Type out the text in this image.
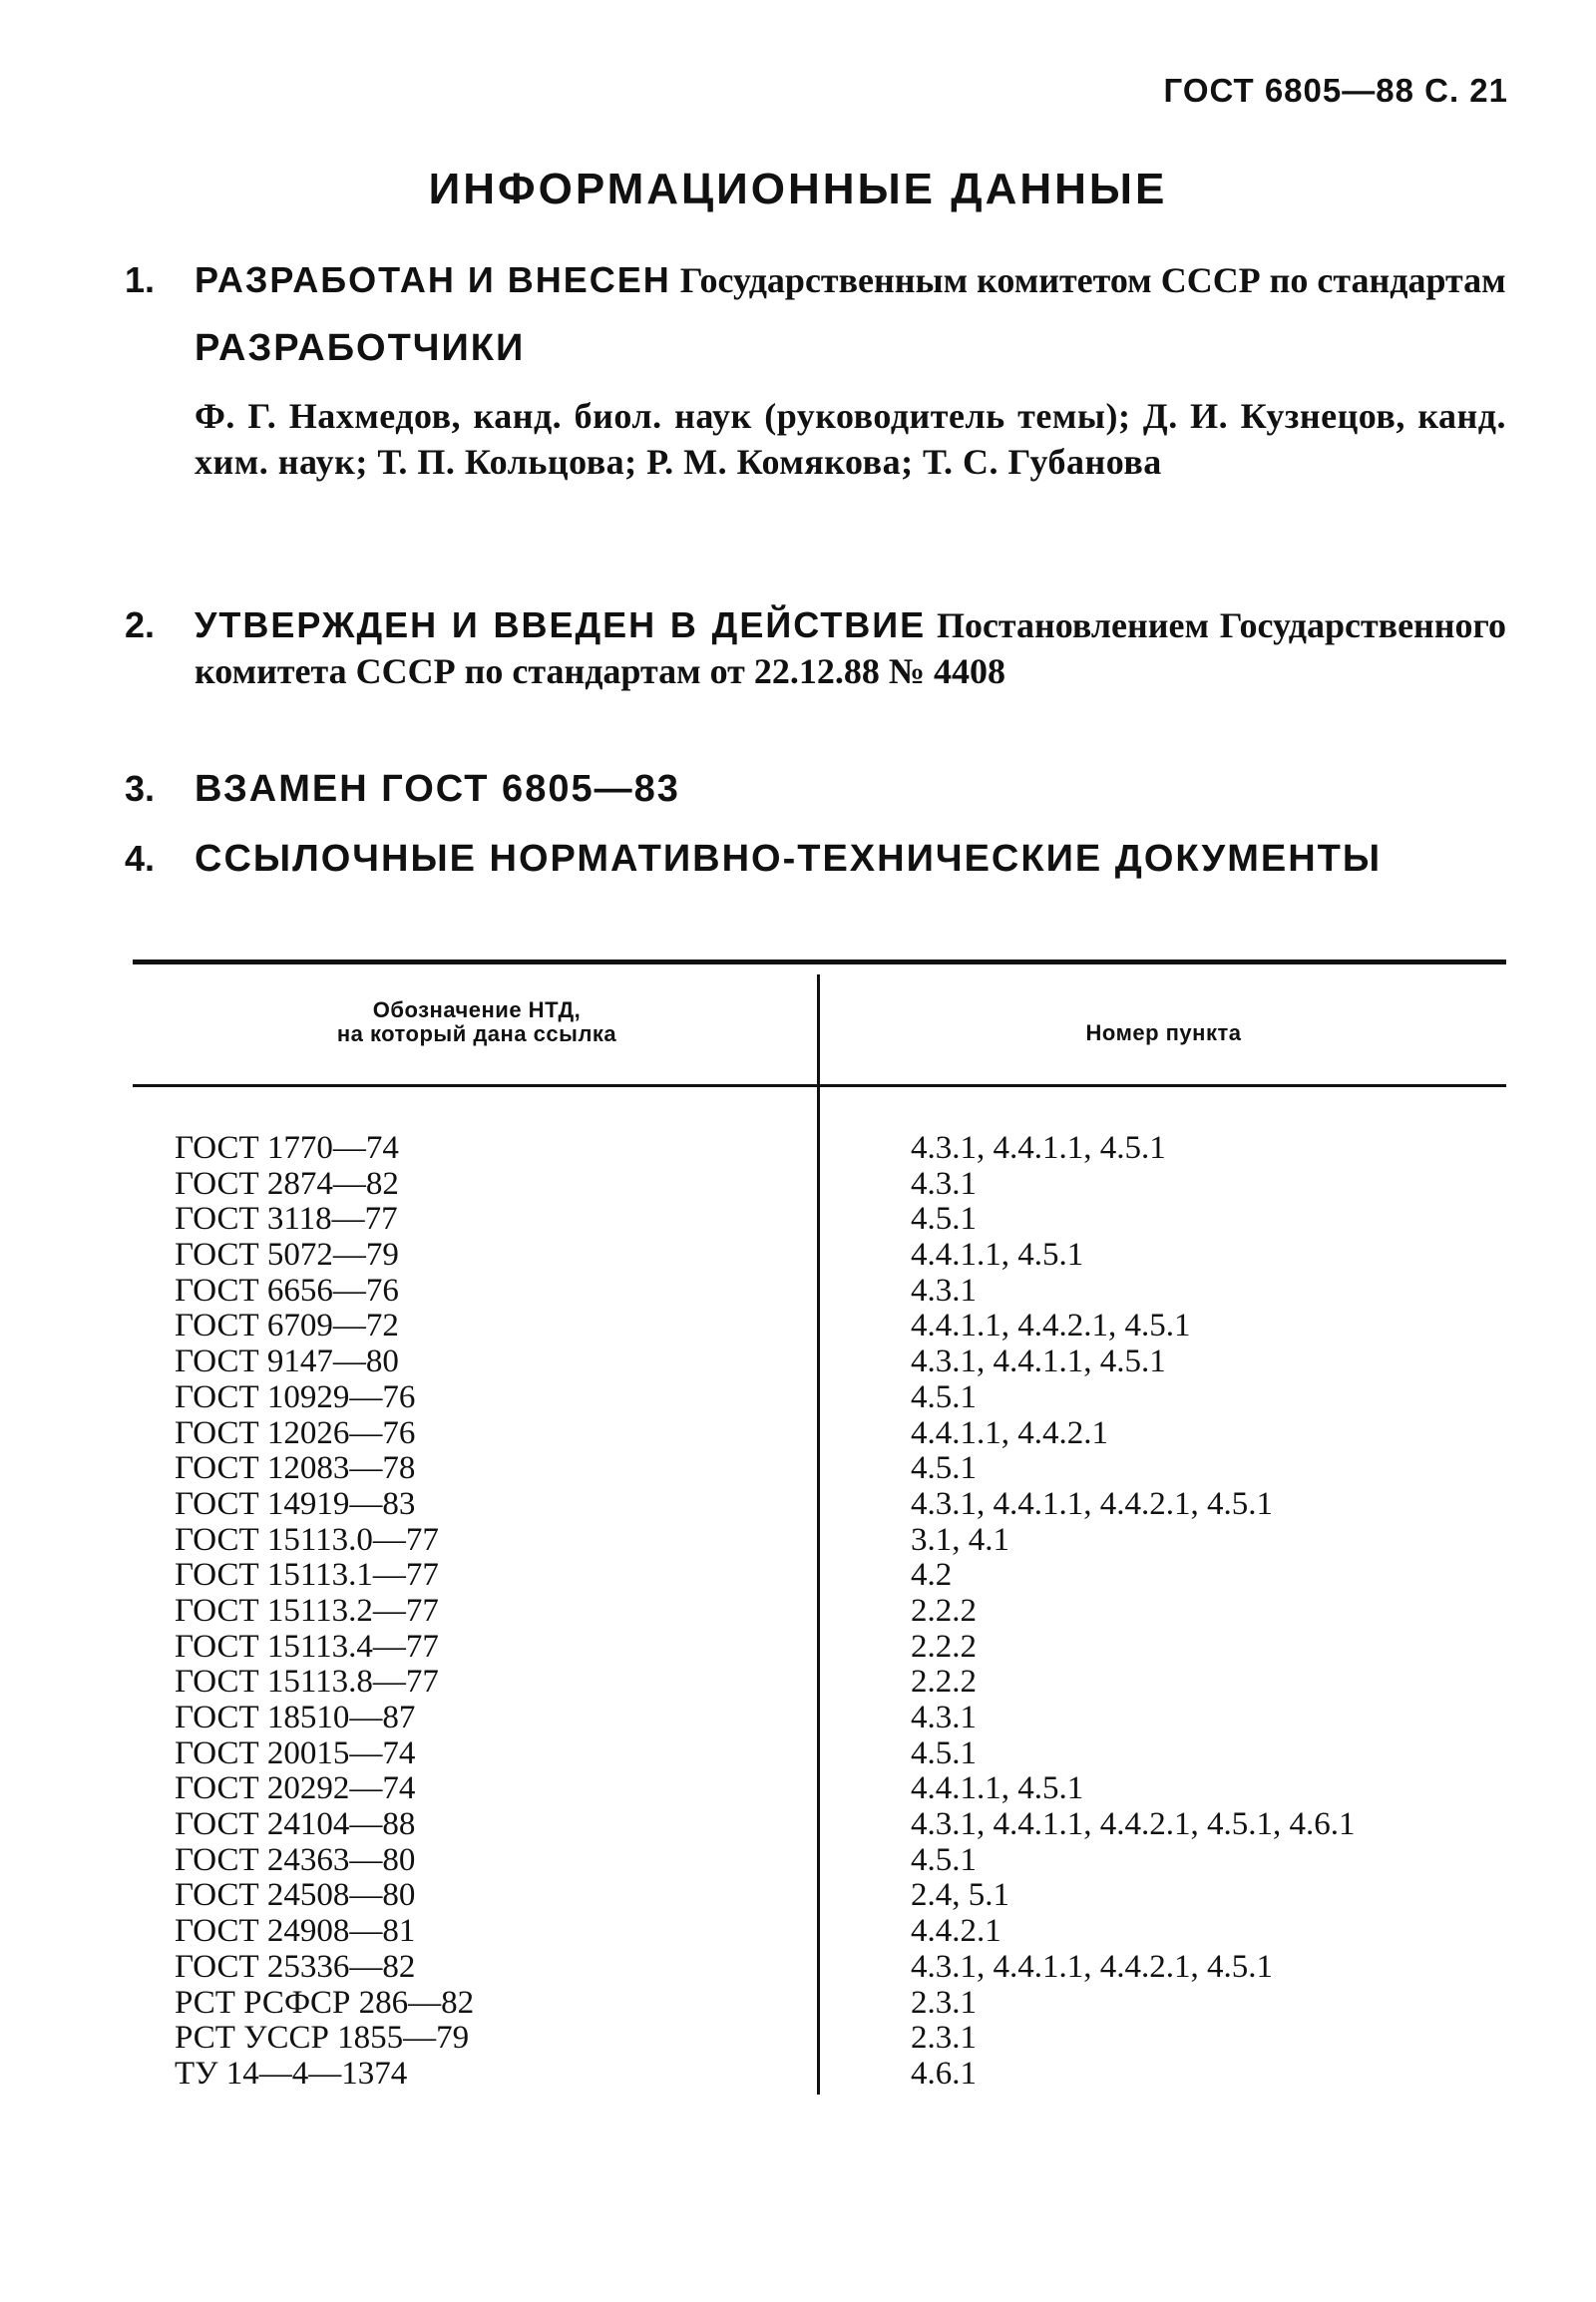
ГОСТ 6805—88 С. 21
ИНФОРМАЦИОННЫЕ ДАННЫЕ
1. РАЗРАБОТАН И ВНЕСЕН Государственным комитетом СССР по стандартам
РАЗРАБОТЧИКИ
Ф. Г. Нахмедов, канд. биол. наук (руководитель темы); Д. И. Кузнецов, канд. хим. наук; Т. П. Кольцова; Р. М. Комякова; Т. С. Губанова
2. УТВЕРЖДЕН И ВВЕДЕН В ДЕЙСТВИЕ Постановлением Государственного комитета СССР по стандартам от 22.12.88 № 4408
3. ВЗАМЕН ГОСТ 6805—83
4. ССЫЛОЧНЫЕ НОРМАТИВНО-ТЕХНИЧЕСКИЕ ДОКУМЕНТЫ
Обозначение НТД,
на который дана ссылка	Номер пункта
ГОСТ 1770—74	4.3.1, 4.4.1.1, 4.5.1
ГОСТ 2874—82	4.3.1
ГОСТ 3118—77	4.5.1
ГОСТ 5072—79	4.4.1.1, 4.5.1
ГОСТ 6656—76	4.3.1
ГОСТ 6709—72	4.4.1.1, 4.4.2.1, 4.5.1
ГОСТ 9147—80	4.3.1, 4.4.1.1, 4.5.1
ГОСТ 10929—76	4.5.1
ГОСТ 12026—76	4.4.1.1, 4.4.2.1
ГОСТ 12083—78	4.5.1
ГОСТ 14919—83	4.3.1, 4.4.1.1, 4.4.2.1, 4.5.1
ГОСТ 15113.0—77	3.1, 4.1
ГОСТ 15113.1—77	4.2
ГОСТ 15113.2—77	2.2.2
ГОСТ 15113.4—77	2.2.2
ГОСТ 15113.8—77	2.2.2
ГОСТ 18510—87	4.3.1
ГОСТ 20015—74	4.5.1
ГОСТ 20292—74	4.4.1.1, 4.5.1
ГОСТ 24104—88	4.3.1, 4.4.1.1, 4.4.2.1, 4.5.1, 4.6.1
ГОСТ 24363—80	4.5.1
ГОСТ 24508—80	2.4, 5.1
ГОСТ 24908—81	4.4.2.1
ГОСТ 25336—82	4.3.1, 4.4.1.1, 4.4.2.1, 4.5.1
РСТ РСФСР 286—82	2.3.1
РСТ УССР 1855—79	2.3.1
ТУ 14—4—1374	4.6.1
